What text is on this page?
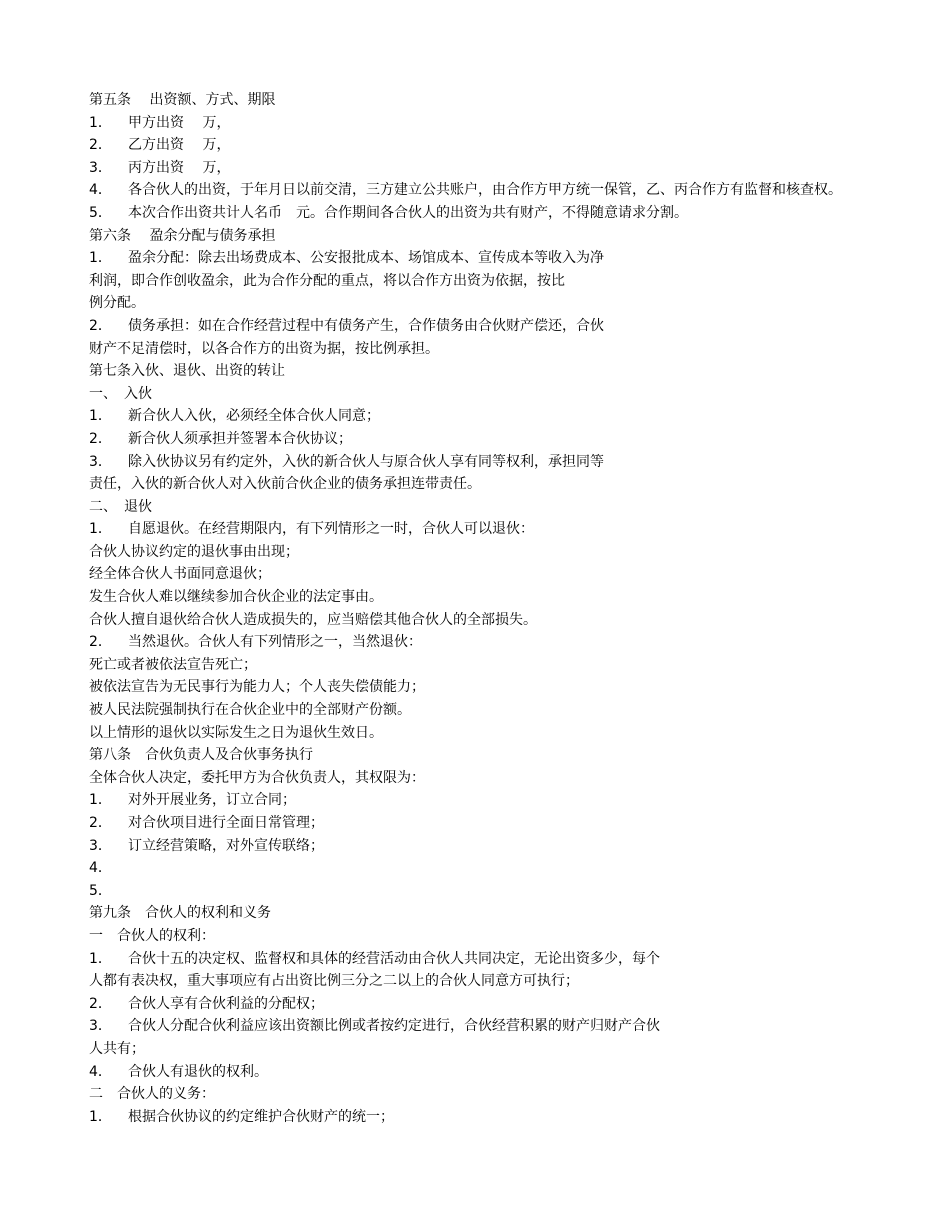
第五条　 出资额、方式、期限
1．	甲方出资　 万，
2．	乙方出资　 万，
3．	丙方出资　 万，
4．	各合伙人的出资，于年月日以前交清，三方建立公共账户，由合作方甲方统一保管，乙、丙合作方有监督和核查权。
5．	本次合作出资共计人名币　元。合作期间各合伙人的出资为共有财产，不得随意请求分割。
第六条　 盈余分配与债务承担
1．	盈余分配：除去出场费成本、公安报批成本、场馆成本、宣传成本等收入为净
利润，即合作创收盈余，此为合作分配的重点，将以合作方出资为依据，按比
例分配。
2．	债务承担：如在合作经营过程中有债务产生，合作债务由合伙财产偿还，合伙
财产不足清偿时，以各合作方的出资为据，按比例承担。
第七条入伙、退伙、出资的转让
一、　入伙
1．	新合伙人入伙，必须经全体合伙人同意；
2．	新合伙人须承担并签署本合伙协议；
3．	除入伙协议另有约定外，入伙的新合伙人与原合伙人享有同等权利，承担同等
责任，入伙的新合伙人对入伙前合伙企业的债务承担连带责任。
二、　退伙
1．	自愿退伙。在经营期限内，有下列情形之一时，合伙人可以退伙：
合伙人协议约定的退伙事由出现；
经全体合伙人书面同意退伙；
发生合伙人难以继续参加合伙企业的法定事由。
合伙人擅自退伙给合伙人造成损失的，应当赔偿其他合伙人的全部损失。
2．	当然退伙。合伙人有下列情形之一，当然退伙：
死亡或者被依法宣告死亡；
被依法宣告为无民事行为能力人；个人丧失偿债能力；
被人民法院强制执行在合伙企业中的全部财产份额。
以上情形的退伙以实际发生之日为退伙生效日。
第八条　合伙负责人及合伙事务执行
全体合伙人决定，委托甲方为合伙负责人，其权限为：
1．	对外开展业务，订立合同；
2．	对合伙项目进行全面日常管理；
3．	订立经营策略，对外宣传联络；
4．
5．
第九条　合伙人的权利和义务
一　合伙人的权利：
1．	合伙十五的决定权、监督权和具体的经营活动由合伙人共同决定，无论出资多少，每个
人都有表决权，重大事项应有占出资比例三分之二以上的合伙人同意方可执行；
2．	合伙人享有合伙利益的分配权；
3．	合伙人分配合伙利益应该出资额比例或者按约定进行，合伙经营积累的财产归财产合伙
人共有；
4．	合伙人有退伙的权利。
二　合伙人的义务：
1．	根据合伙协议的约定维护合伙财产的统一；
